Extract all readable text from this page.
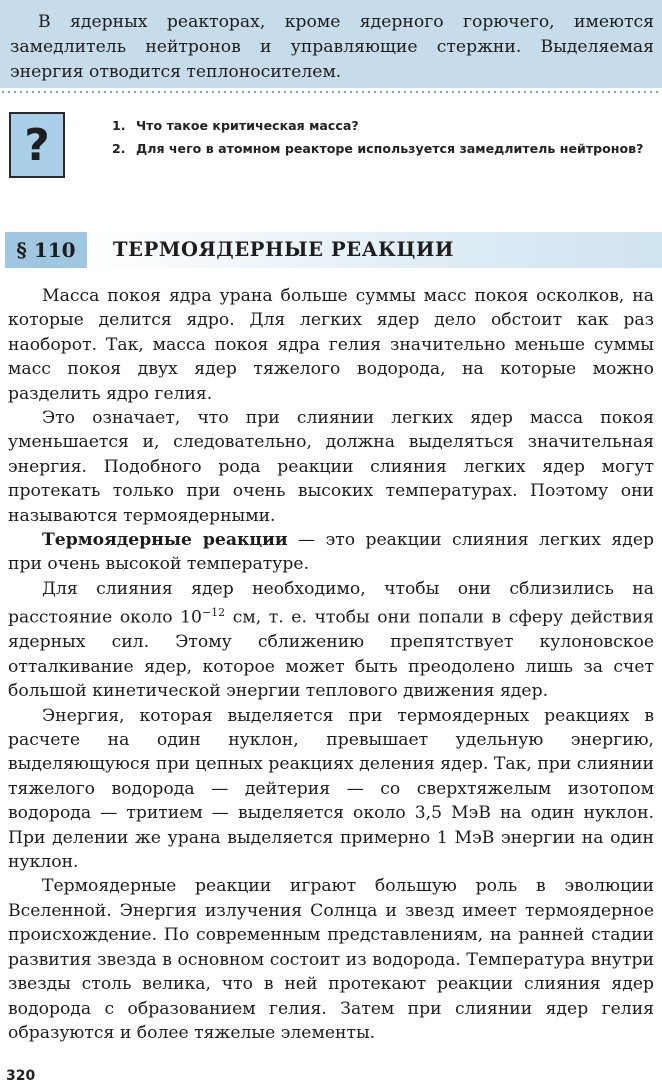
В ядерных реакторах, кроме ядерного горючего, имеются замедлитель нейтронов и управляющие стержни. Выделяемая энергия отводится теплоносителем.

?	1. Что такое критическая масса?
2. Для чего в атомном реакторе используется замедлитель нейтронов?
§ 110	ТЕРМОЯДЕРНЫЕ РЕАКЦИИ

Масса покоя ядра урана больше суммы масс покоя осколков, на которые делится ядро. Для легких ядер дело обстоит как раз наоборот. Так, масса покоя ядра гелия значительно меньше суммы масс покоя двух ядер тяжелого водорода, на которые можно разделить ядро гелия.

Это означает, что при слиянии легких ядер масса покоя уменьшается и, следовательно, должна выделяться значительная энергия. Подобного рода реакции слияния легких ядер могут протекать только при очень высоких температурах. Поэтому они называются термоядерными.

Термоядерные реакции — это реакции слияния легких ядер при очень высокой температуре.

Для слияния ядер необходимо, чтобы они сблизились на расстояние около $10^{-12}$ см, т. е. чтобы они попали в сферу действия ядерных сил. Этому сближению препятствует кулоновское отталкивание ядер, которое может быть преодолено лишь за счет большой кинетической энергии теплового движения ядер.

Энергия, которая выделяется при термоядерных реакциях в расчете на один нуклон, превышает удельную энергию, выделяющуюся при цепных реакциях деления ядер. Так, при слиянии тяжелого водорода — дейтерия — со сверхтяжелым изотопом водорода — тритием — выделяется около 3,5 МэВ на один нуклон. При делении же урана выделяется примерно 1 МэВ энергии на один нуклон.

Термоядерные реакции играют большую роль в эволюции Вселенной. Энергия излучения Солнца и звезд имеет термоядерное происхождение. По современным представлениям, на ранней стадии развития звезда в основном состоит из водорода. Температура внутри звезды столь велика, что в ней протекают реакции слияния ядер водорода с образованием гелия. Затем при слиянии ядер гелия образуются и более тяжелые элементы.

320
